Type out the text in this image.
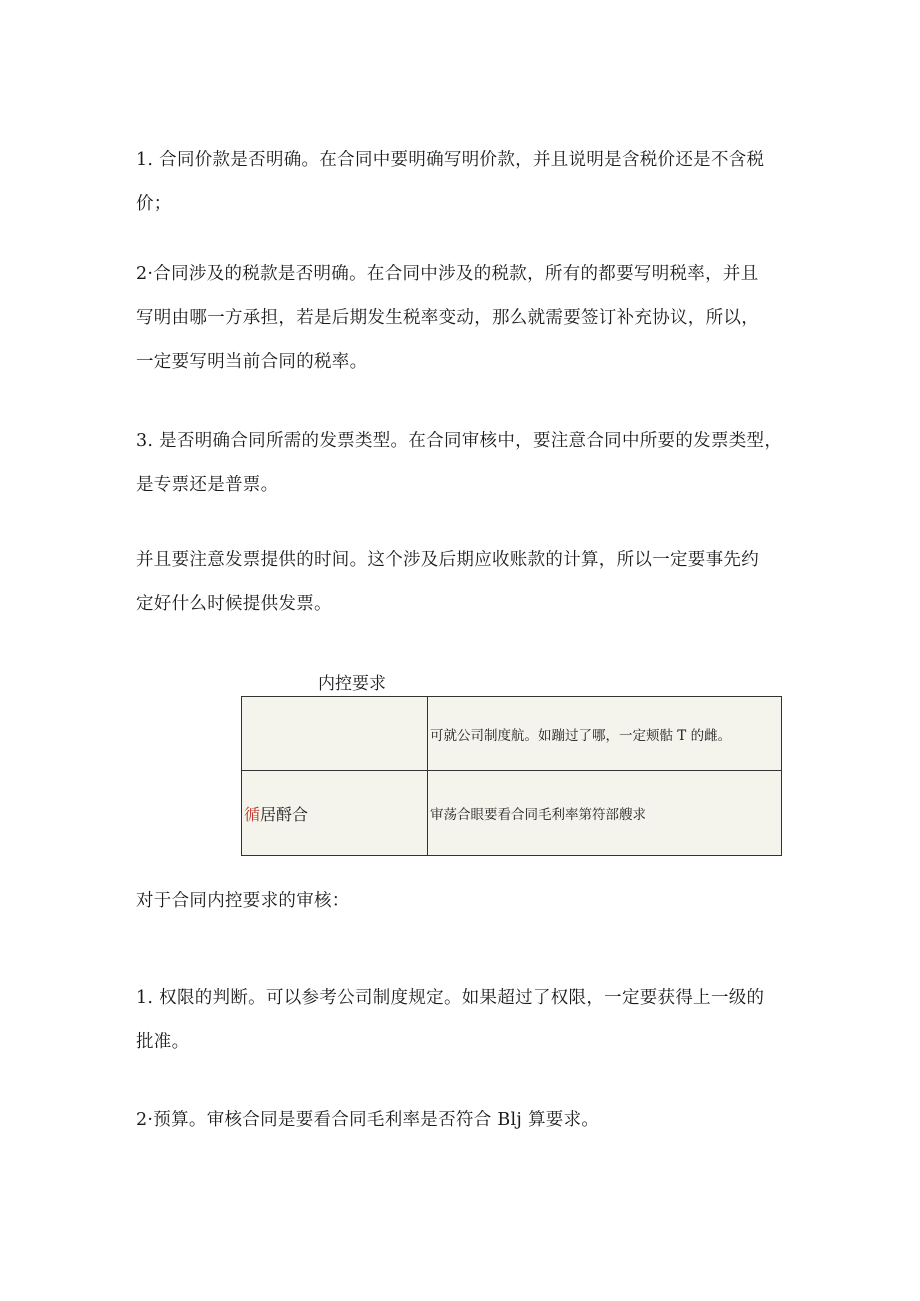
1. 合同价款是否明确。在合同中要明确写明价款，并且说明是含税价还是不含税
价；

2·合同涉及的税款是否明确。在合同中涉及的税款，所有的都要写明税率，并且
写明由哪一方承担，若是后期发生税率变动，那么就需要签订补充协议，所以，
一定要写明当前合同的税率。

3. 是否明确合同所需的发票类型。在合同审核中，要注意合同中所要的发票类型，
是专票还是普票。

并且要注意发票提供的时间。这个涉及后期应收账款的计算，所以一定要事先约
定好什么时候提供发票。

内控要求
	可就公司制度航。如蹦过了哪，一定颊骷 T 的雌。
循居酹合	审荡合眼要看合同毛利率第符部艘求

对于合同内控要求的审核：

1. 权限的判断。可以参考公司制度规定。如果超过了权限，一定要获得上一级的
批准。

2·预算。审核合同是要看合同毛利率是否符合 Blj 算要求。
